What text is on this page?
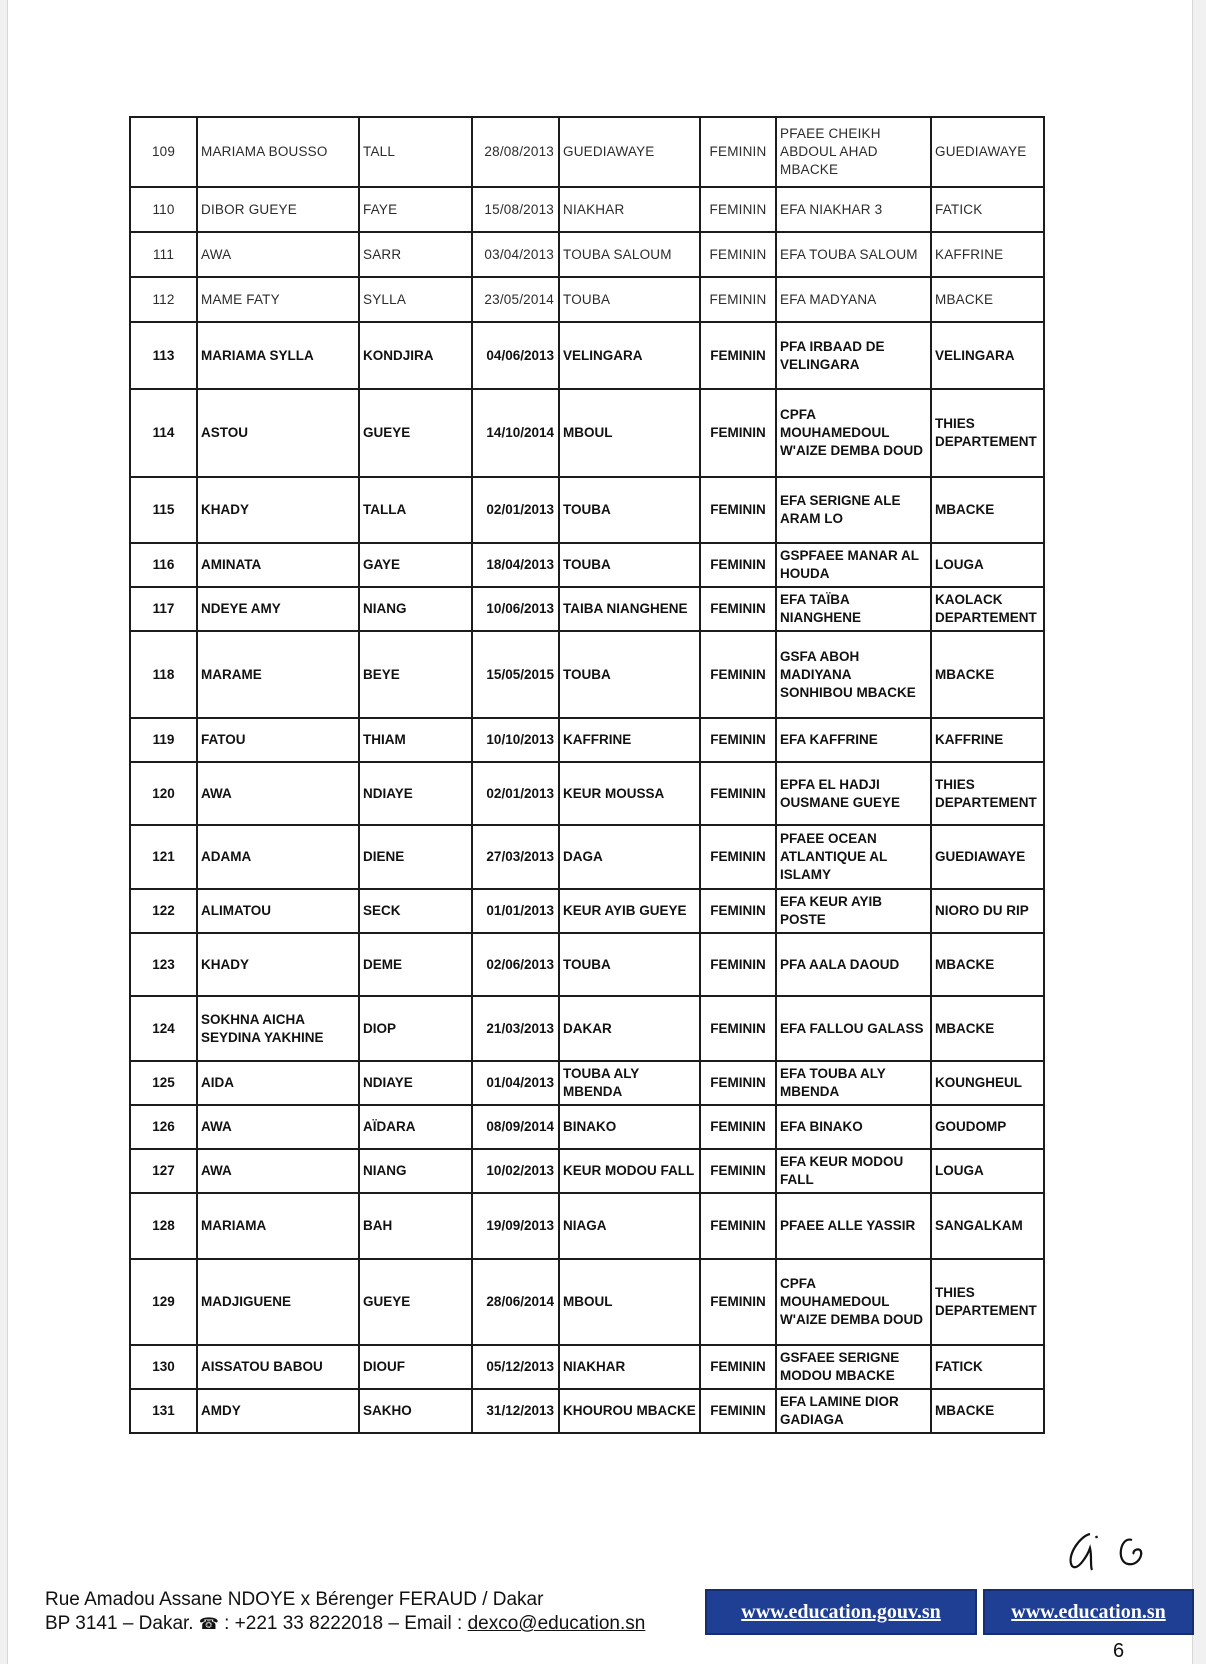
109	MARIAMA BOUSSO	TALL	28/08/2013	GUEDIAWAYE	FEMININ	PFAEE CHEIKH ABDOUL AHAD MBACKE	GUEDIAWAYE
110	DIBOR GUEYE	FAYE	15/08/2013	NIAKHAR	FEMININ	EFA NIAKHAR 3	FATICK
111	AWA	SARR	03/04/2013	TOUBA SALOUM	FEMININ	EFA TOUBA SALOUM	KAFFRINE
112	MAME FATY	SYLLA	23/05/2014	TOUBA	FEMININ	EFA MADYANA	MBACKE
113	MARIAMA SYLLA	KONDJIRA	04/06/2013	VELINGARA	FEMININ	PFA IRBAAD DE VELINGARA	VELINGARA
114	ASTOU	GUEYE	14/10/2014	MBOUL	FEMININ	CPFA MOUHAMEDOUL W'AIZE DEMBA DOUD	THIES DEPARTEMENT
115	KHADY	TALLA	02/01/2013	TOUBA	FEMININ	EFA SERIGNE ALE ARAM LO	MBACKE
116	AMINATA	GAYE	18/04/2013	TOUBA	FEMININ	GSPFAEE MANAR AL HOUDA	LOUGA
117	NDEYE AMY	NIANG	10/06/2013	TAIBA NIANGHENE	FEMININ	EFA TAÏBA NIANGHENE	KAOLACK DEPARTEMENT
118	MARAME	BEYE	15/05/2015	TOUBA	FEMININ	GSFA ABOH MADIYANA SONHIBOU MBACKE	MBACKE
119	FATOU	THIAM	10/10/2013	KAFFRINE	FEMININ	EFA KAFFRINE	KAFFRINE
120	AWA	NDIAYE	02/01/2013	KEUR MOUSSA	FEMININ	EPFA EL HADJI OUSMANE GUEYE	THIES DEPARTEMENT
121	ADAMA	DIENE	27/03/2013	DAGA	FEMININ	PFAEE OCEAN ATLANTIQUE AL ISLAMY	GUEDIAWAYE
122	ALIMATOU	SECK	01/01/2013	KEUR AYIB GUEYE	FEMININ	EFA KEUR AYIB POSTE	NIORO DU RIP
123	KHADY	DEME	02/06/2013	TOUBA	FEMININ	PFA AALA DAOUD	MBACKE
124	SOKHNA AICHA SEYDINA YAKHINE	DIOP	21/03/2013	DAKAR	FEMININ	EFA FALLOU GALASS	MBACKE
125	AIDA	NDIAYE	01/04/2013	TOUBA ALY MBENDA	FEMININ	EFA TOUBA ALY MBENDA	KOUNGHEUL
126	AWA	AÏDARA	08/09/2014	BINAKO	FEMININ	EFA BINAKO	GOUDOMP
127	AWA	NIANG	10/02/2013	KEUR MODOU FALL	FEMININ	EFA KEUR MODOU FALL	LOUGA
128	MARIAMA	BAH	19/09/2013	NIAGA	FEMININ	PFAEE ALLE YASSIR	SANGALKAM
129	MADJIGUENE	GUEYE	28/06/2014	MBOUL	FEMININ	CPFA MOUHAMEDOUL W'AIZE DEMBA DOUD	THIES DEPARTEMENT
130	AISSATOU BABOU	DIOUF	05/12/2013	NIAKHAR	FEMININ	GSFAEE SERIGNE MODOU MBACKE	FATICK
131	AMDY	SAKHO	31/12/2013	KHOUROU MBACKE	FEMININ	EFA LAMINE DIOR GADIAGA	MBACKE
Rue Amadou Assane NDOYE x Bérenger FERAUD / Dakar
BP 3141 – Dakar. ☎ : +221 33 8222018 – Email : dexco@education.sn
www.education.gouv.sn	www.education.sn
6
